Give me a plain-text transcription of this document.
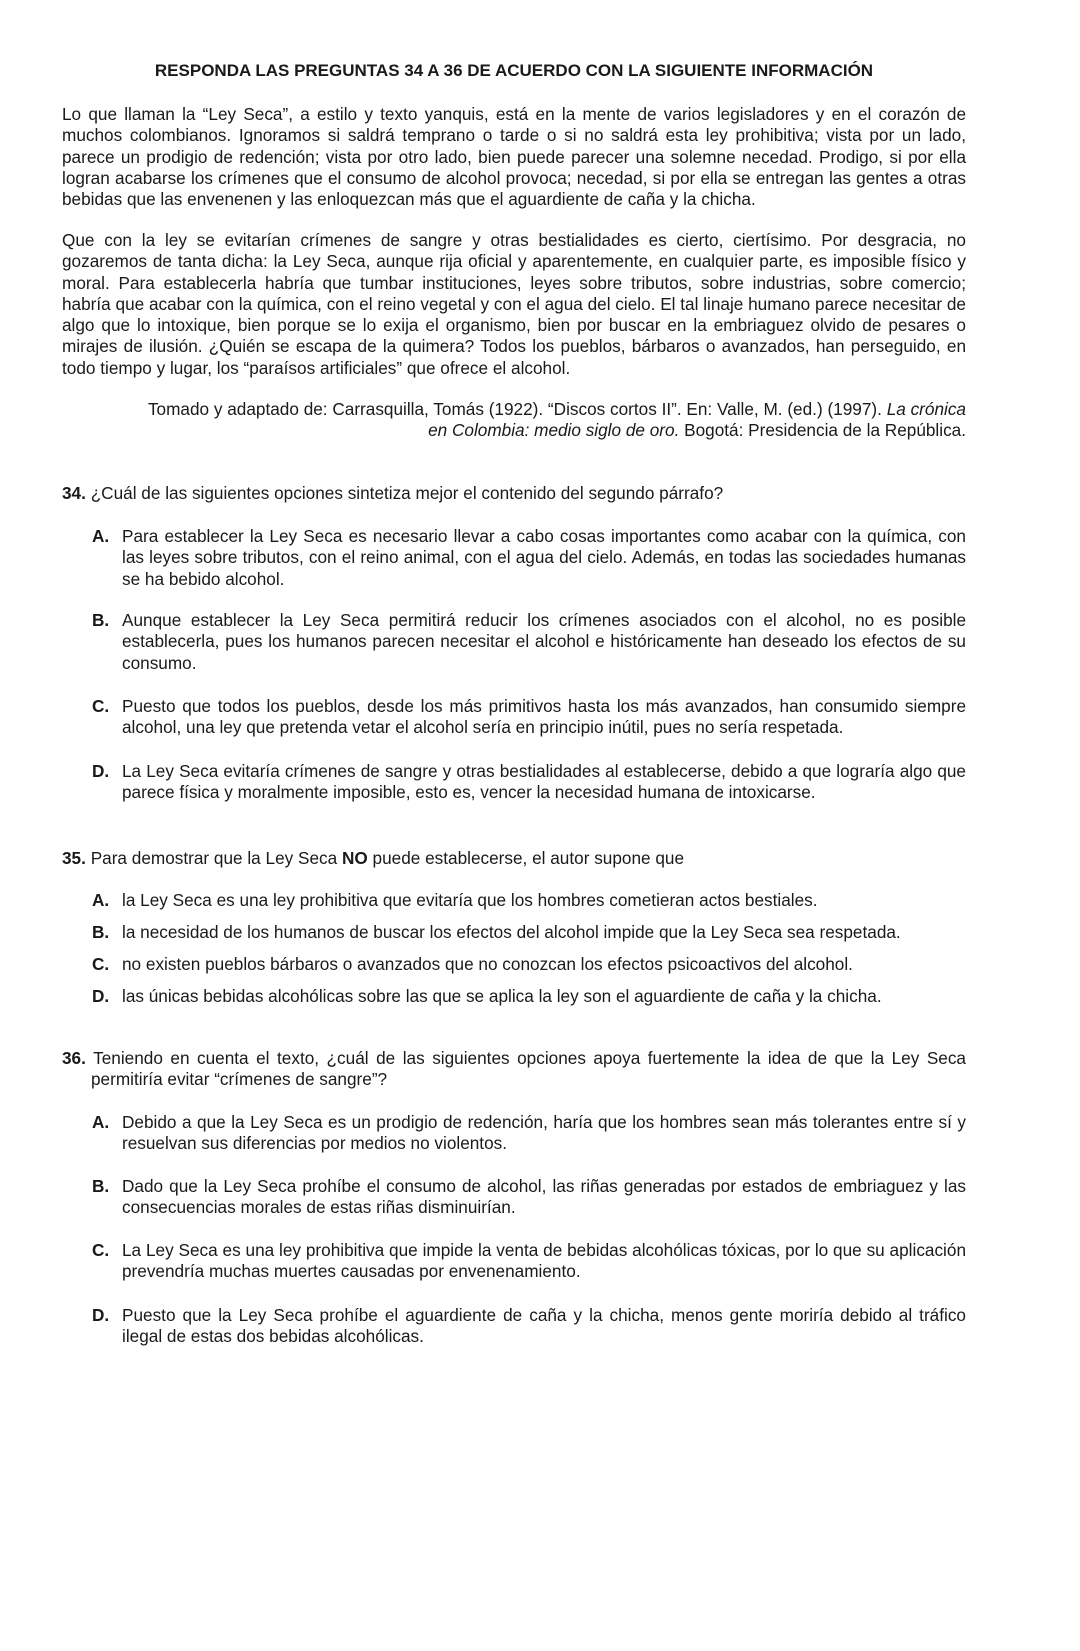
RESPONDA LAS PREGUNTAS 34 A 36 DE ACUERDO CON LA SIGUIENTE INFORMACIÓN

Lo que llaman la “Ley Seca”, a estilo y texto yanquis, está en la mente de varios legisladores y en el corazón de muchos colombianos. Ignoramos si saldrá temprano o tarde o si no saldrá esta ley prohibitiva; vista por un lado, parece un prodigio de redención; vista por otro lado, bien puede parecer una solemne necedad. Prodigo, si por ella logran acabarse los crímenes que el consumo de alcohol provoca; necedad, si por ella se entregan las gentes a otras bebidas que las envenenen y las enloquezcan más que el aguardiente de caña y la chicha.

Que con la ley se evitarían crímenes de sangre y otras bestialidades es cierto, ciertísimo. Por desgracia, no gozaremos de tanta dicha: la Ley Seca, aunque rija oficial y aparentemente, en cualquier parte, es imposible físico y moral. Para establecerla habría que tumbar instituciones, leyes sobre tributos, sobre industrias, sobre comercio; habría que acabar con la química, con el reino vegetal y con el agua del cielo. El tal linaje humano parece necesitar de algo que lo intoxique, bien porque se lo exija el organismo, bien por buscar en la embriaguez olvido de pesares o mirajes de ilusión. ¿Quién se escapa de la quimera? Todos los pueblos, bárbaros o avanzados, han perseguido, en todo tiempo y lugar, los “paraísos artificiales” que ofrece el alcohol.

Tomado y adaptado de: Carrasquilla, Tomás (1922). “Discos cortos II”. En: Valle, M. (ed.) (1997). La crónica
en Colombia: medio siglo de oro. Bogotá: Presidencia de la República.

34. ¿Cuál de las siguientes opciones sintetiza mejor el contenido del segundo párrafo?
A. Para establecer la Ley Seca es necesario llevar a cabo cosas importantes como acabar con la química, con las leyes sobre tributos, con el reino animal, con el agua del cielo. Además, en todas las sociedades humanas se ha bebido alcohol.
B. Aunque establecer la Ley Seca permitirá reducir los crímenes asociados con el alcohol, no es posible establecerla, pues los humanos parecen necesitar el alcohol e históricamente han deseado los efectos de su consumo.
C. Puesto que todos los pueblos, desde los más primitivos hasta los más avanzados, han consumido siempre alcohol, una ley que pretenda vetar el alcohol sería en principio inútil, pues no sería respetada.
D. La Ley Seca evitaría crímenes de sangre y otras bestialidades al establecerse, debido a que lograría algo que parece física y moralmente imposible, esto es, vencer la necesidad humana de intoxicarse.
35. Para demostrar que la Ley Seca NO puede establecerse, el autor supone que
A. la Ley Seca es una ley prohibitiva que evitaría que los hombres cometieran actos bestiales.
B. la necesidad de los humanos de buscar los efectos del alcohol impide que la Ley Seca sea respetada.
C. no existen pueblos bárbaros o avanzados que no conozcan los efectos psicoactivos del alcohol.
D. las únicas bebidas alcohólicas sobre las que se aplica la ley son el aguardiente de caña y la chicha.
36. Teniendo en cuenta el texto, ¿cuál de las siguientes opciones apoya fuertemente la idea de que la Ley Seca permitiría evitar “crímenes de sangre”?
A. Debido a que la Ley Seca es un prodigio de redención, haría que los hombres sean más tolerantes entre sí y resuelvan sus diferencias por medios no violentos.
B. Dado que la Ley Seca prohíbe el consumo de alcohol, las riñas generadas por estados de embriaguez y las consecuencias morales de estas riñas disminuirían.
C. La Ley Seca es una ley prohibitiva que impide la venta de bebidas alcohólicas tóxicas, por lo que su aplicación prevendría muchas muertes causadas por envenenamiento.
D. Puesto que la Ley Seca prohíbe el aguardiente de caña y la chicha, menos gente moriría debido al tráfico ilegal de estas dos bebidas alcohólicas.
